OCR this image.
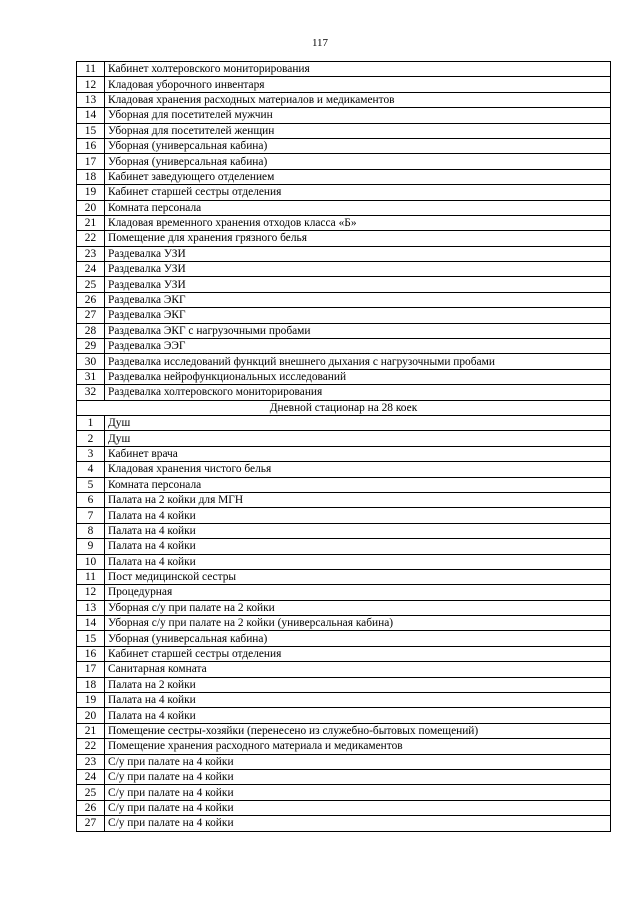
117
11	Кабинет холтеровского мониторирования
12	Кладовая уборочного инвентаря
13	Кладовая хранения расходных материалов и медикаментов
14	Уборная для посетителей мужчин
15	Уборная для посетителей женщин
16	Уборная (универсальная кабина)
17	Уборная (универсальная кабина)
18	Кабинет заведующего отделением
19	Кабинет старшей сестры отделения
20	Комната персонала
21	Кладовая временного хранения отходов класса «Б»
22	Помещение для хранения грязного белья
23	Раздевалка УЗИ
24	Раздевалка УЗИ
25	Раздевалка УЗИ
26	Раздевалка ЭКГ
27	Раздевалка ЭКГ
28	Раздевалка ЭКГ с нагрузочными пробами
29	Раздевалка ЭЭГ
30	Раздевалка исследований функций внешнего дыхания с нагрузочными пробами
31	Раздевалка нейрофункциональных исследований
32	Раздевалка холтеровского мониторирования
Дневной стационар на 28 коек	
1	Душ
2	Душ
3	Кабинет врача
4	Кладовая хранения чистого белья
5	Комната персонала
6	Палата на 2 койки для МГН
7	Палата на 4 койки
8	Палата на 4 койки
9	Палата на 4 койки
10	Палата на 4 койки
11	Пост медицинской сестры
12	Процедурная
13	Уборная с/у при палате на 2 койки
14	Уборная с/у при палате на 2 койки (универсальная кабина)
15	Уборная (универсальная кабина)
16	Кабинет старшей сестры отделения
17	Санитарная комната
18	Палата на 2 койки
19	Палата на 4 койки
20	Палата на 4 койки
21	Помещение сестры-хозяйки (перенесено из служебно-бытовых помещений)
22	Помещение хранения расходного материала и медикаментов
23	С/у при палате на 4 койки
24	С/у при палате на 4 койки
25	С/у при палате на 4 койки
26	С/у при палате на 4 койки
27	С/у при палате на 4 койки
